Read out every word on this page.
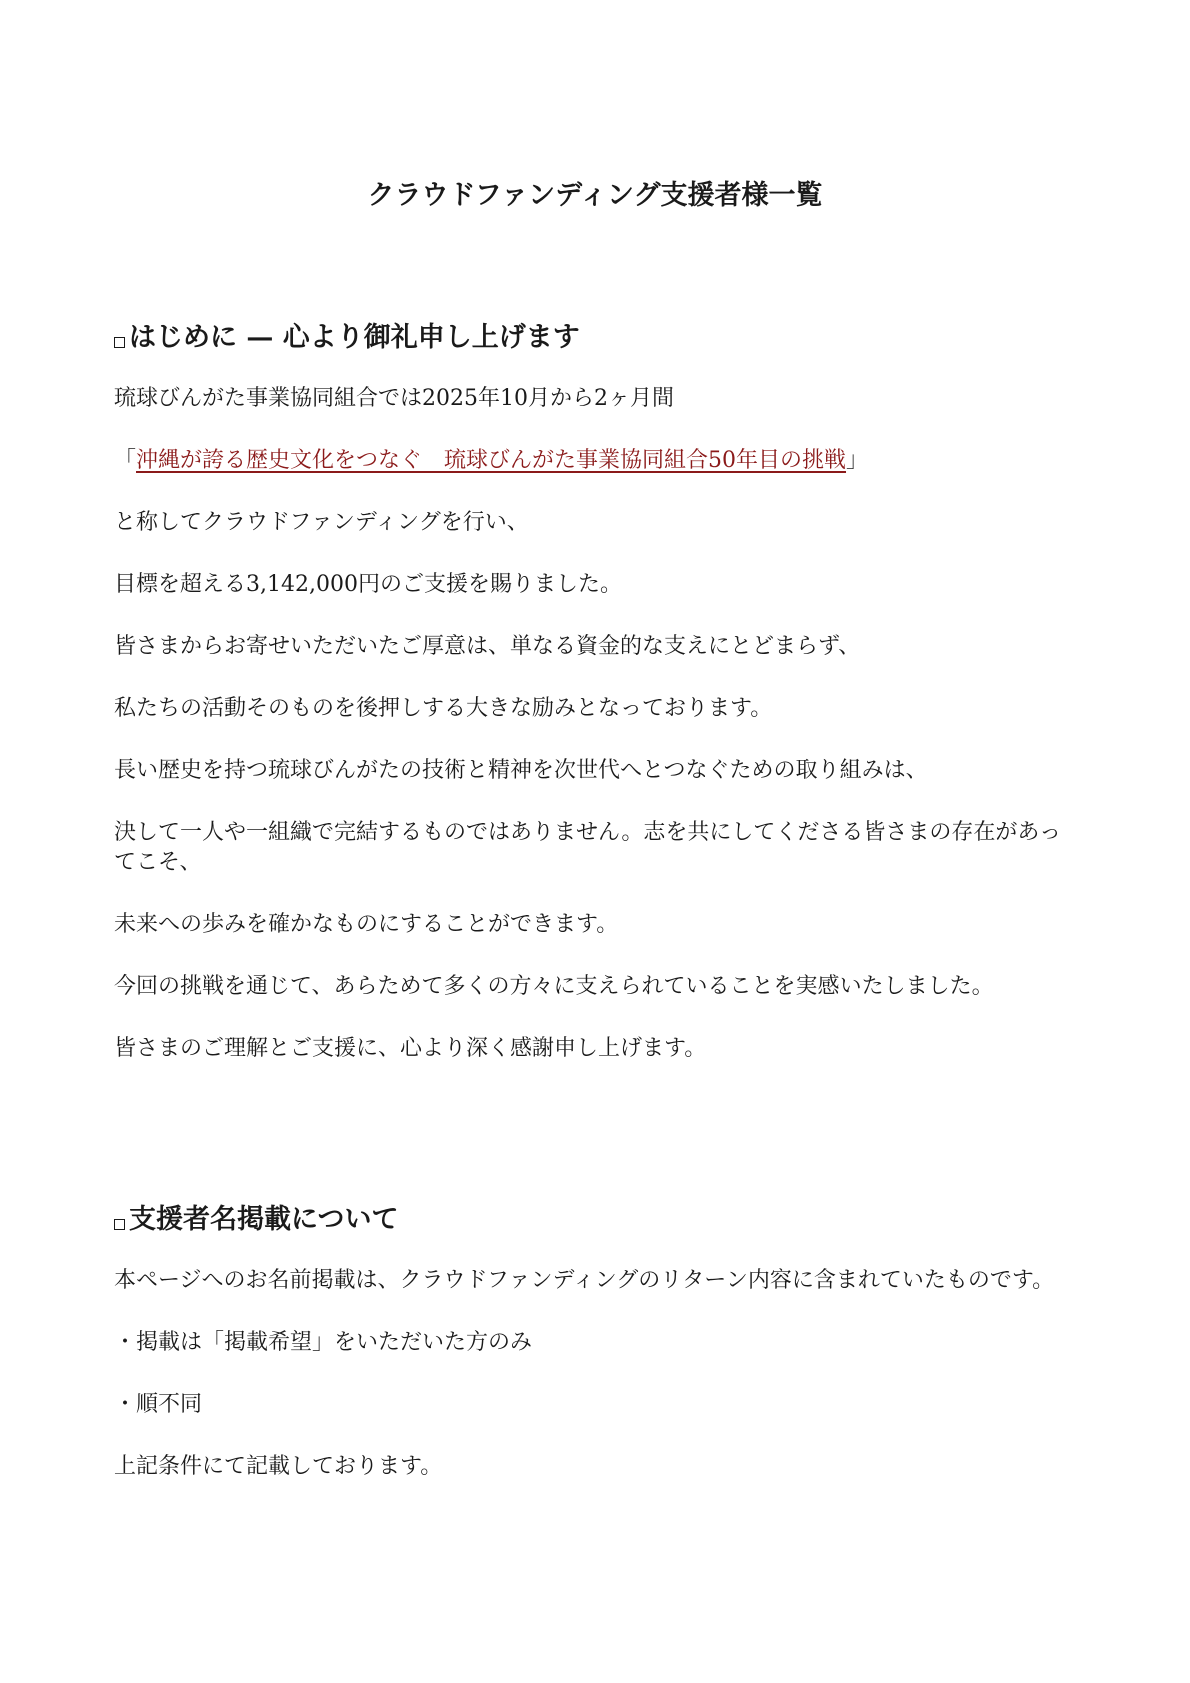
クラウドファンディング支援者様一覧
はじめに — 心より御礼申し上げます

琉球びんがた事業協同組合では2025年10月から2ヶ月間

「沖縄が誇る歴史文化をつなぐ　琉球びんがた事業協同組合50年目の挑戦」

と称してクラウドファンディングを行い、

目標を超える3,142,000円のご支援を賜りました。

皆さまからお寄せいただいたご厚意は、単なる資金的な支えにとどまらず、

私たちの活動そのものを後押しする大きな励みとなっております。

長い歴史を持つ琉球びんがたの技術と精神を次世代へとつなぐための取り組みは、

決して一人や一組織で完結するものではありません。志を共にしてくださる皆さまの存在があってこそ、

未来への歩みを確かなものにすることができます。

今回の挑戦を通じて、あらためて多くの方々に支えられていることを実感いたしました。

皆さまのご理解とご支援に、心より深く感謝申し上げます。

支援者名掲載について

本ページへのお名前掲載は、クラウドファンディングのリターン内容に含まれていたものです。

・掲載は「掲載希望」をいただいた方のみ

・順不同

上記条件にて記載しております。
